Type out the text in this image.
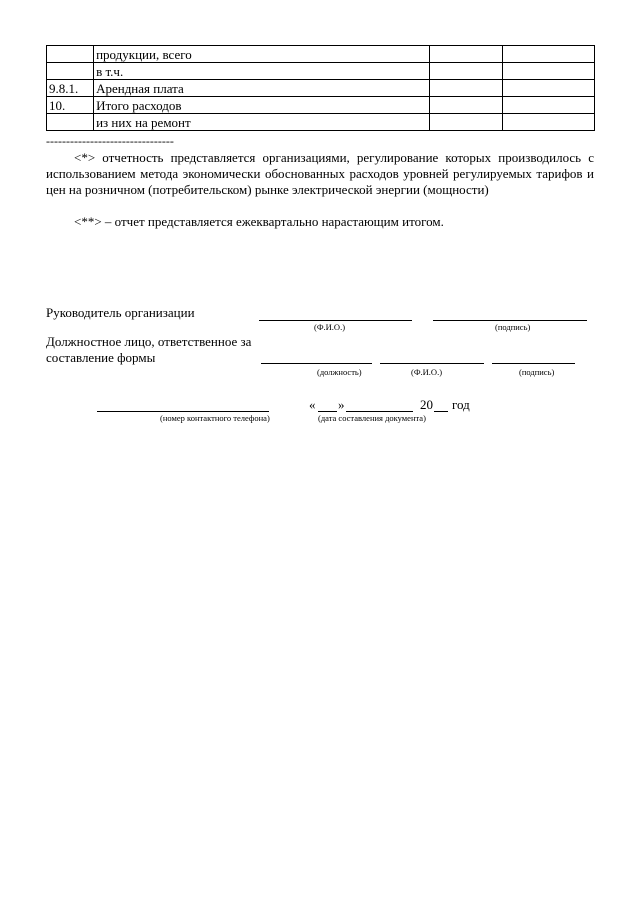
	продукции, всего		
	в т.ч.		
9.8.1.	Арендная плата		
10.	Итого расходов		
	из них на ремонт		
--------------------------------
<*> отчетность представляется организациями, регулирование которых производилось с использованием метода экономически обоснованных расходов уровней регулируемых тарифов и цен на розничном (потребительском) рынке электрической энергии (мощности)
<**> – отчет представляется ежеквартально нарастающим итогом.
Руководитель организации
(Ф.И.О.)	(подпись)
Должностное лицо, ответственное за
составление формы
(должность)	(Ф.И.О.)	(подпись)
(номер контактного телефона)
« »	20 год
(дата составления документа)
